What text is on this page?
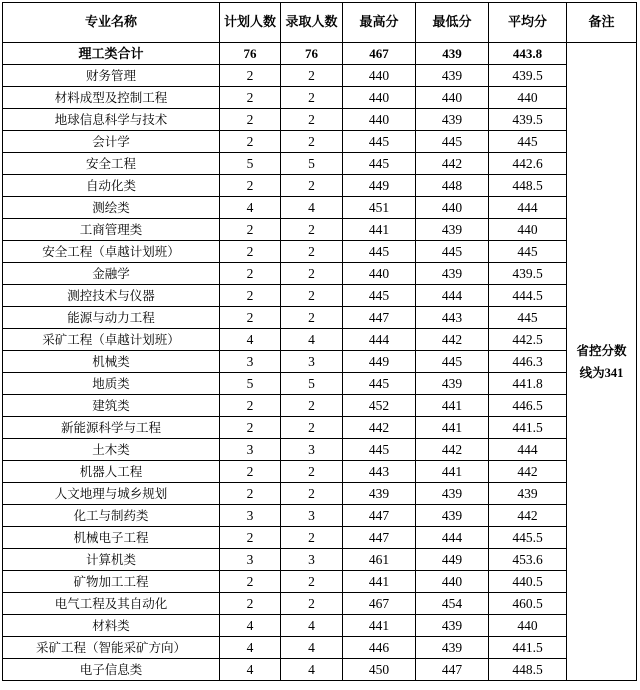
专业名称	计划人数	录取人数	最高分	最低分	平均分	备注
理工类合计	76	76	467	439	443.8	省控分数线为341
财务管理	2	2	440	439	439.5	
材料成型及控制工程	2	2	440	440	440	
地球信息科学与技术	2	2	440	439	439.5	
会计学	2	2	445	445	445	
安全工程	5	5	445	442	442.6	
自动化类	2	2	449	448	448.5	
测绘类	4	4	451	440	444	
工商管理类	2	2	441	439	440	
安全工程（卓越计划班）	2	2	445	445	445	
金融学	2	2	440	439	439.5	
测控技术与仪器	2	2	445	444	444.5	
能源与动力工程	2	2	447	443	445	
采矿工程（卓越计划班）	4	4	444	442	442.5	
机械类	3	3	449	445	446.3	
地质类	5	5	445	439	441.8	
建筑类	2	2	452	441	446.5	
新能源科学与工程	2	2	442	441	441.5	
土木类	3	3	445	442	444	
机器人工程	2	2	443	441	442	
人文地理与城乡规划	2	2	439	439	439	
化工与制药类	3	3	447	439	442	
机械电子工程	2	2	447	444	445.5	
计算机类	3	3	461	449	453.6	
矿物加工工程	2	2	441	440	440.5	
电气工程及其自动化	2	2	467	454	460.5	
材料类	4	4	441	439	440	
采矿工程（智能采矿方向）	4	4	446	439	441.5	
电子信息类	4	4	450	447	448.5	
